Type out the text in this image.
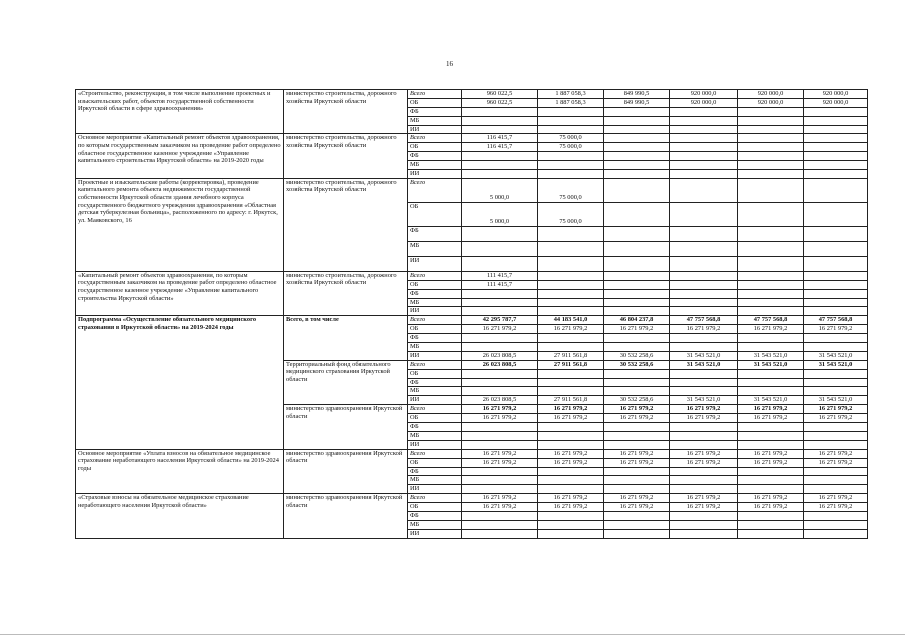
16
«Строительство, реконструкция, в том числе выполнение проектных и изыскательских работ, объектов государственной собственности Иркутской области в сфере здравоохранения»	министерство строительства, дорожного хозяйства Иркутской области	Всего	960 022,5	1 887 058,3	849 990,5	920 000,0	920 000,0	920 000,0
		ОБ	960 022,5	1 887 058,3	849 990,5	920 000,0	920 000,0	920 000,0
		ФБ						
		МБ						
		ИИ						
Основное мероприятие «Капитальный ремонт объектов здравоохранения, по которым государственным заказчиком на проведение работ определено областное государственное казенное учреждение «Управление капитального строительства Иркутской области» на 2019-2020 годы	министерство строительства, дорожного хозяйства Иркутской области	Всего	116 415,7	75 000,0				
		ОБ	116 415,7	75 000,0				
		ФБ						
		МБ						
		ИИ						
Проектные и изыскательские работы (корректировка), проведение капитального ремонта объекта недвижимости государственной собственности Иркутской области здания лечебного корпуса государственного бюджетного учреждения здравоохранения «Областная детская туберкулезная больница», расположенного по адресу: г. Иркутск, ул. Маяковского, 16	министерство строительства, дорожного хозяйства Иркутской области	Всего	5 000,0	75 000,0				
		ОБ	5 000,0	75 000,0				
		ФБ						
		МБ						
		ИИ						
«Капитальный ремонт объектов здравоохранения, по которым государственным заказчиком на проведение работ определено областное государственное казенное учреждение «Управление капитального строительства Иркутской области»	министерство строительства, дорожного хозяйства Иркутской области	Всего	111 415,7					
		ОБ	111 415,7					
		ФБ						
		МБ						
		ИИ						
Подпрограмма «Осуществление обязательного медицинского страхования в Иркутской области» на 2019-2024 годы	Всего, в том числе	Всего	42 295 787,7	44 183 541,0	46 804 237,8	47 757 568,8	47 757 568,8	47 757 568,8
		ОБ	16 271 979,2	16 271 979,2	16 271 979,2	16 271 979,2	16 271 979,2	16 271 979,2
		ФБ						
		МБ						
		ИИ	26 023 808,5	27 911 561,8	30 532 258,6	31 543 521,0	31 543 521,0	31 543 521,0
	Территориальный фонд обязательного медицинского страхования Иркутской области	Всего	26 023 808,5	27 911 561,8	30 532 258,6	31 543 521,0	31 543 521,0	31 543 521,0
		ОБ						
		ФБ						
		МБ						
		ИИ	26 023 808,5	27 911 561,8	30 532 258,6	31 543 521,0	31 543 521,0	31 543 521,0
	министерство здравоохранения Иркутской области	Всего	16 271 979,2	16 271 979,2	16 271 979,2	16 271 979,2	16 271 979,2	16 271 979,2
		ОБ	16 271 979,2	16 271 979,2	16 271 979,2	16 271 979,2	16 271 979,2	16 271 979,2
		ФБ						
		МБ						
		ИИ						
Основное мероприятие «Уплата взносов на обязательное медицинское страхование неработающего населения Иркутской области» на 2019-2024 годы	министерство здравоохранения Иркутской области	Всего	16 271 979,2	16 271 979,2	16 271 979,2	16 271 979,2	16 271 979,2	16 271 979,2
		ОБ	16 271 979,2	16 271 979,2	16 271 979,2	16 271 979,2	16 271 979,2	16 271 979,2
		ФБ						
		МБ						
		ИИ						
«Страховые взносы на обязательное медицинское страхование неработающего населения Иркутской области»	министерство здравоохранения Иркутской области	Всего	16 271 979,2	16 271 979,2	16 271 979,2	16 271 979,2	16 271 979,2	16 271 979,2
		ОБ	16 271 979,2	16 271 979,2	16 271 979,2	16 271 979,2	16 271 979,2	16 271 979,2
		ФБ						
		МБ						
		ИИ						
